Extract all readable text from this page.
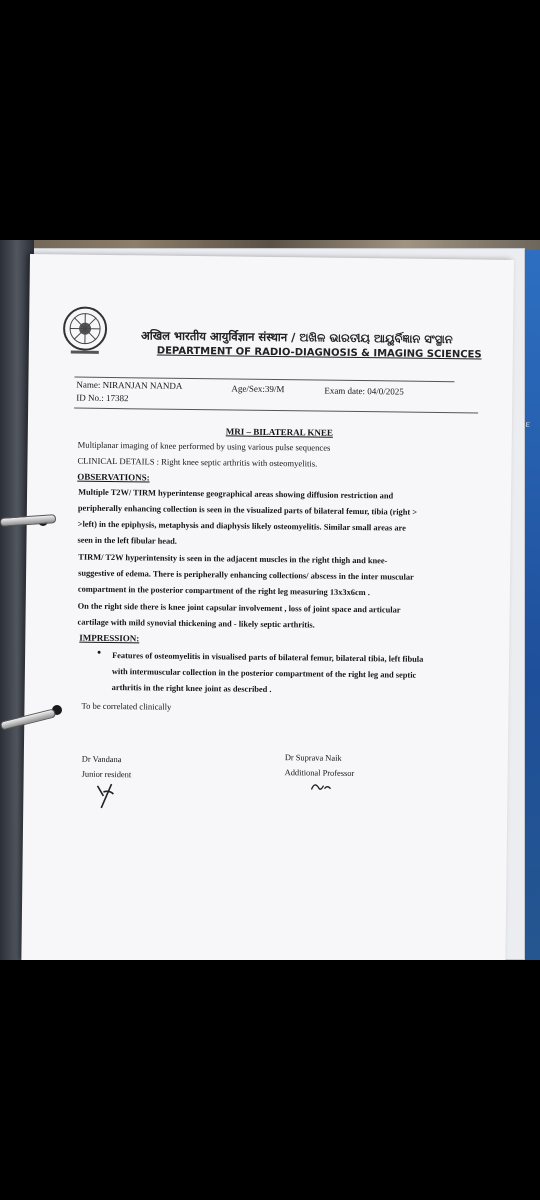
अखिल भारतीय आयुर्विज्ञान संस्थान / ଅଖିଳ ଭାରତୀୟ ଆୟୁର୍ବିଜ୍ଞାନ ସଂସ୍ଥାନ
DEPARTMENT OF RADIO-DIAGNOSIS & IMAGING SCIENCES
Name: NIRANJAN NANDA
ID No.: 17382
Age/Sex:39/M	Exam date: 04/0/2025
MRI – BILATERAL KNEE
Multiplanar imaging of knee performed by using various pulse sequences
CLINICAL DETAILS : Right knee septic arthritis with osteomyelitis.
OBSERVATIONS:
Multiple T2W/ TIRM hyperintense geographical areas showing diffusion restriction and
peripherally enhancing collection is seen in the visualized parts of bilateral femur, tibia (right >
>left) in the epiphysis, metaphysis and diaphysis likely osteomyelitis. Similar small areas are
seen in the left fibular head.
TIRM/ T2W hyperintensity is seen in the adjacent muscles in the right thigh and knee-
suggestive of edema. There is peripherally enhancing collections/ abscess in the inter muscular
compartment in the posterior compartment of the right leg measuring 13x3x6cm .
On the right side there is knee joint capsular involvement , loss of joint space and articular
cartilage with mild synovial thickening and - likely septic arthritis.
IMPRESSION:
• Features of osteomyelitis in visualised parts of bilateral femur, bilateral tibia, left fibula
with intermuscular collection in the posterior compartment of the right leg and septic
arthritis in the right knee joint as described .
To be correlated clinically
Dr Vandana
Junior resident
Dr Suprava Naik
Additional Professor
ɛ
